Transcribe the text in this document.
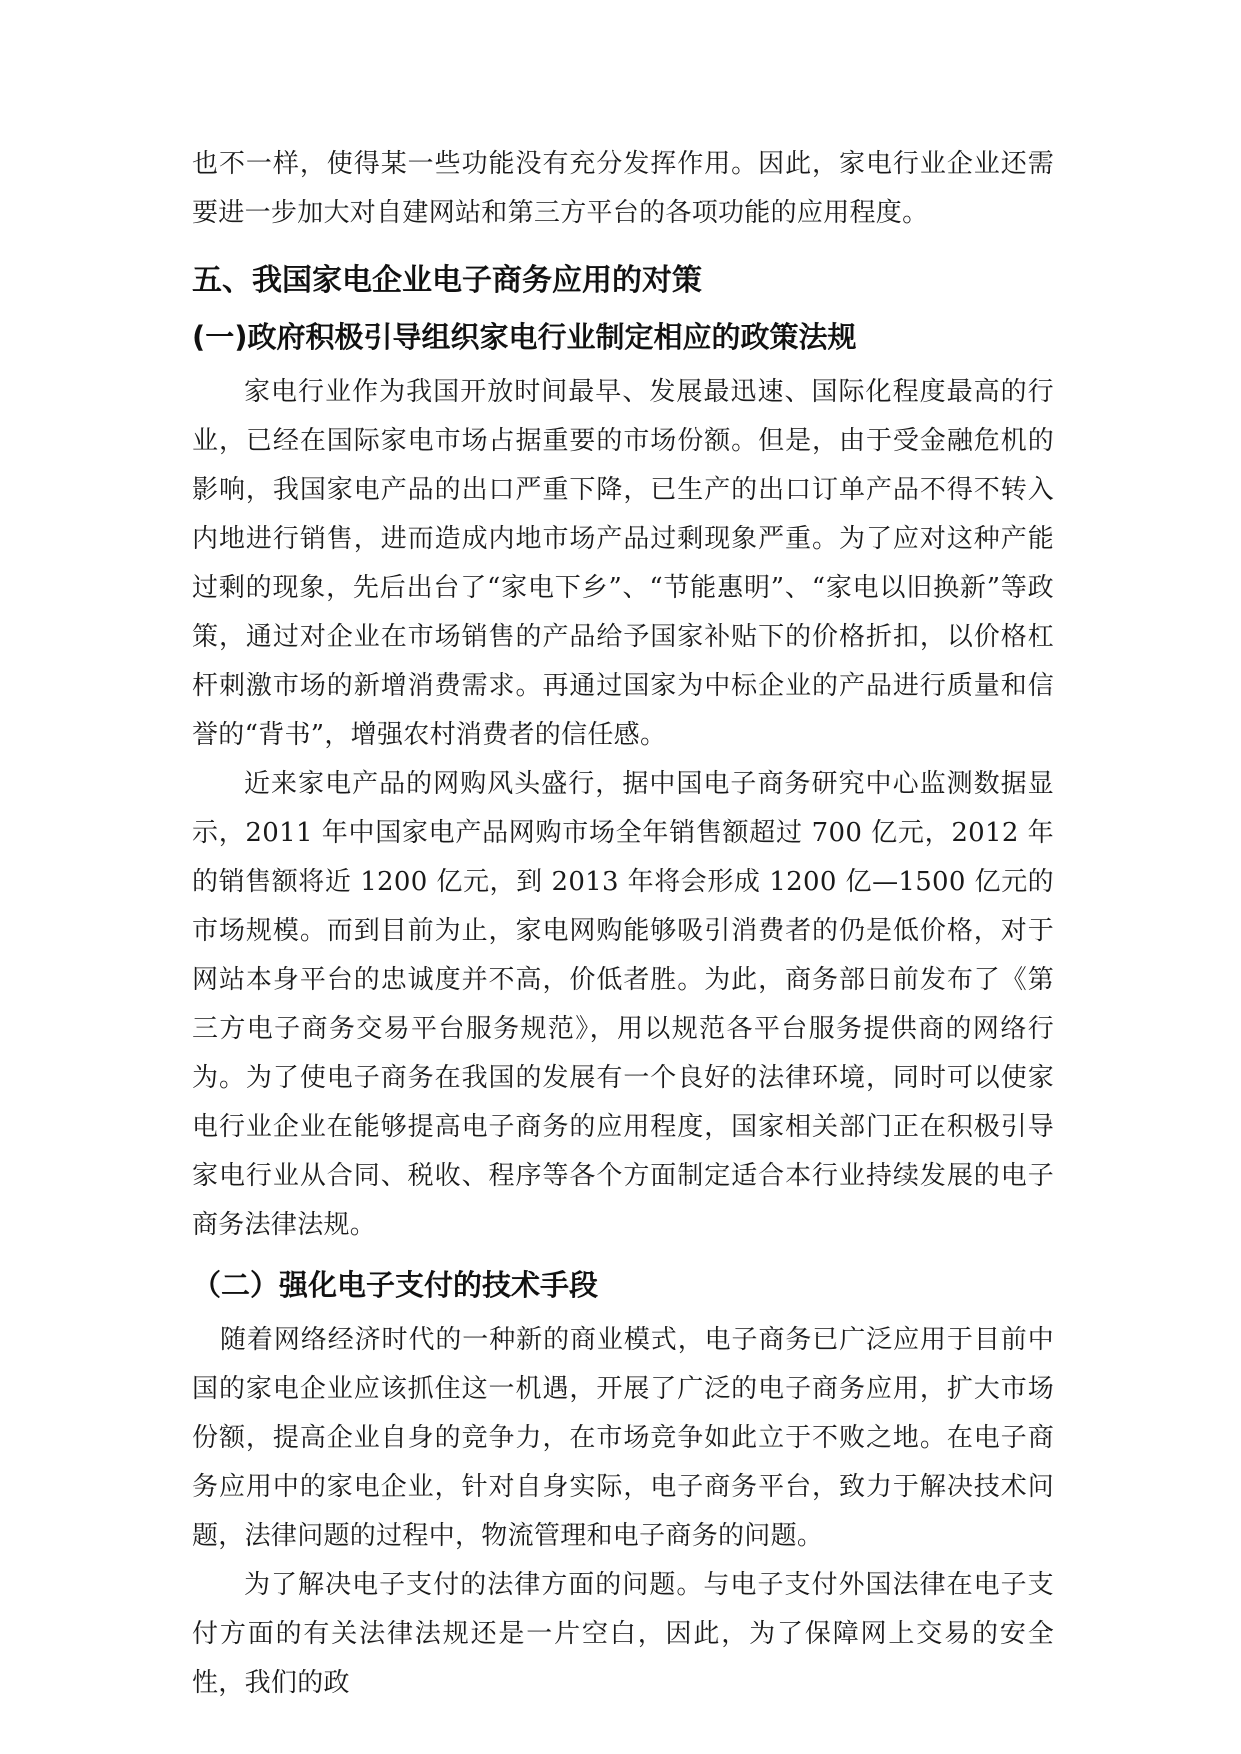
也不一样，使得某一些功能没有充分发挥作用。因此，家电行业企业还需要进一步加大对自建网站和第三方平台的各项功能的应用程度。

五、我国家电企业电子商务应用的对策
(一)政府积极引导组织家电行业制定相应的政策法规

家电行业作为我国开放时间最早、发展最迅速、国际化程度最高的行业，已经在国际家电市场占据重要的市场份额。但是，由于受金融危机的影响，我国家电产品的出口严重下降，已生产的出口订单产品不得不转入内地进行销售，进而造成内地市场产品过剩现象严重。为了应对这种产能过剩的现象，先后出台了“家电下乡”、“节能惠明”、“家电以旧换新”等政策，通过对企业在市场销售的产品给予国家补贴下的价格折扣，以价格杠杆刺激市场的新增消费需求。再通过国家为中标企业的产品进行质量和信誉的“背书”，增强农村消费者的信任感。

近来家电产品的网购风头盛行，据中国电子商务研究中心监测数据显示，2011 年中国家电产品网购市场全年销售额超过 700 亿元，2012 年的销售额将近 1200 亿元，到 2013 年将会形成 1200 亿—1500 亿元的市场规模。而到目前为止，家电网购能够吸引消费者的仍是低价格，对于网站本身平台的忠诚度并不高，价低者胜。为此，商务部日前发布了《第三方电子商务交易平台服务规范》，用以规范各平台服务提供商的网络行为。为了使电子商务在我国的发展有一个良好的法律环境，同时可以使家电行业企业在能够提高电子商务的应用程度，国家相关部门正在积极引导家电行业从合同、税收、程序等各个方面制定适合本行业持续发展的电子商务法律法规。

（二）强化电子支付的技术手段

随着网络经济时代的一种新的商业模式，电子商务已广泛应用于目前中国的家电企业应该抓住这一机遇，开展了广泛的电子商务应用，扩大市场份额，提高企业自身的竞争力，在市场竞争如此立于不败之地。在电子商务应用中的家电企业，针对自身实际，电子商务平台，致力于解决技术问题，法律问题的过程中，物流管理和电子商务的问题。

为了解决电子支付的法律方面的问题。与电子支付外国法律在电子支付方面的有关法律法规还是一片空白，因此，为了保障网上交易的安全性，我们的政
